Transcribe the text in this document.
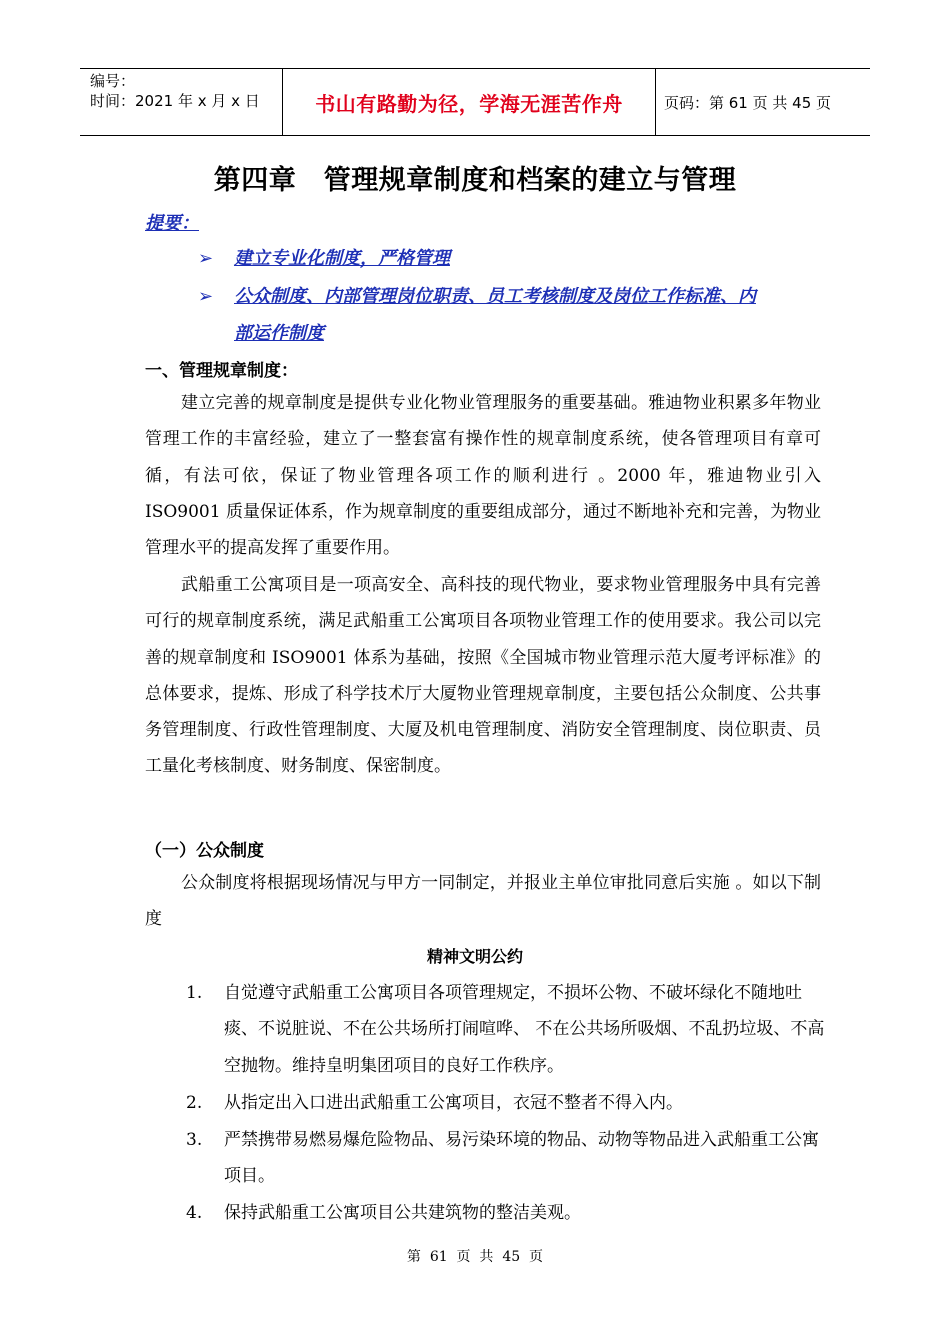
编号：
时间：2021 年 x 月 x 日	书山有路勤为径，学海无涯苦作舟	页码：第 61 页 共 45 页
第四章　管理规章制度和档案的建立与管理
提要：
➢ 建立专业化制度，严格管理
➢ 公众制度、内部管理岗位职责、员工考核制度及岗位工作标准、内
部运作制度
一、管理规章制度：

建立完善的规章制度是提供专业化物业管理服务的重要基础。雅迪物业积累多年物业管理工作的丰富经验，建立了一整套富有操作性的规章制度系统，使各管理项目有章可循，有法可依，保证了物业管理各项工作的顺利进行 。2000 年，雅迪物业引入 ISO9001 质量保证体系，作为规章制度的重要组成部分，通过不断地补充和完善，为物业管理水平的提高发挥了重要作用。

武船重工公寓项目是一项高安全、高科技的现代物业，要求物业管理服务中具有完善可行的规章制度系统，满足武船重工公寓项目各项物业管理工作的使用要求。我公司以完善的规章制度和 ISO9001 体系为基础，按照《全国城市物业管理示范大厦考评标准》的总体要求，提炼、形成了科学技术厅大厦物业管理规章制度，主要包括公众制度、公共事务管理制度、行政性管理制度、大厦及机电管理制度、消防安全管理制度、岗位职责、员工量化考核制度、财务制度、保密制度。

（一）公众制度

公众制度将根据现场情况与甲方一同制定，并报业主单位审批同意后实施 。如以下制度

精神文明公约
1.	自觉遵守武船重工公寓项目各项管理规定，不损坏公物、不破坏绿化不随地吐痰、不说脏说、不在公共场所打闹喧哗、 不在公共场所吸烟、不乱扔垃圾、不高空抛物。维持皇明集团项目的良好工作秩序。
2.	从指定出入口进出武船重工公寓项目，衣冠不整者不得入内。
3.	严禁携带易燃易爆危险物品、易污染环境的物品、动物等物品进入武船重工公寓项目。
4.	保持武船重工公寓项目公共建筑物的整洁美观。
第  61  页  共  45  页
